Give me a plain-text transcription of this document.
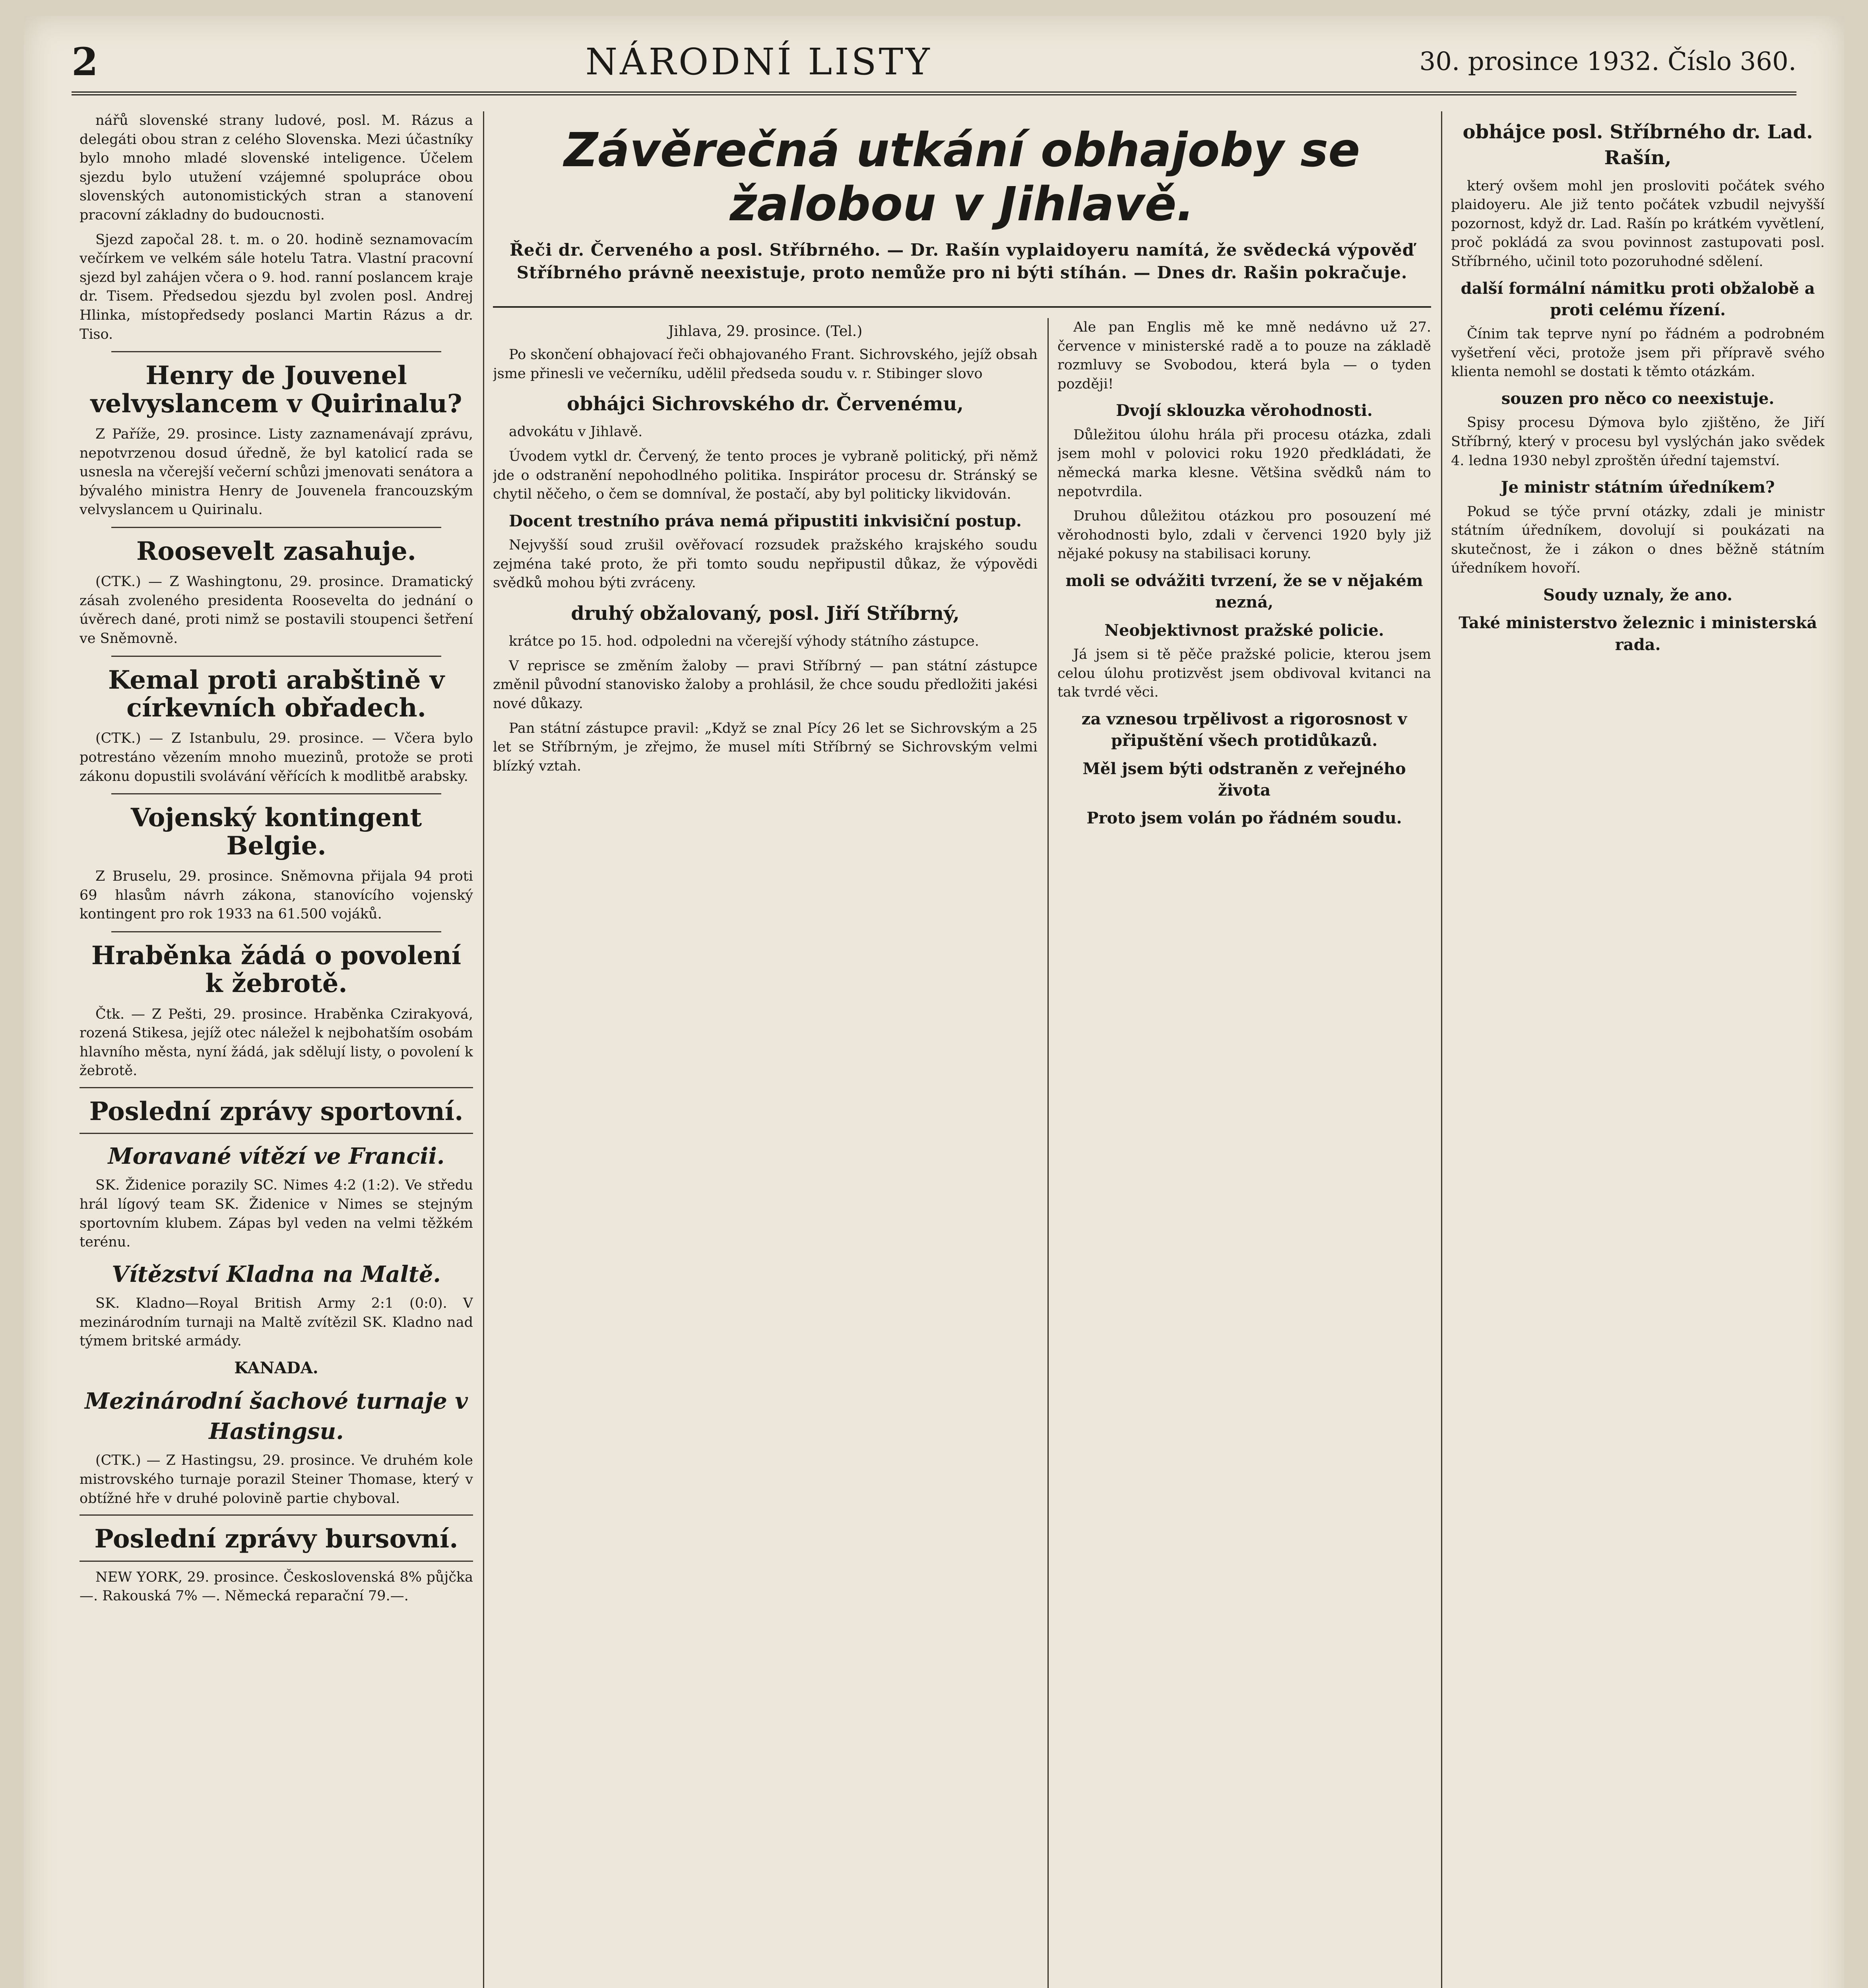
2	NÁRODNÍ LISTY	30. prosince 1932. Číslo 360.

nářů slovenské strany ludové, posl. M. Rázus a delegáti obou stran z celého Slovenska. Mezi účastníky bylo mnoho mladé slovenské inteligence. Účelem sjezdu bylo utužení vzájemné spolupráce obou slovenských autonomistických stran a stanovení pracovní základny do budoucnosti.

Sjezd započal 28. t. m. o 20. hodině seznamovacím večírkem ve velkém sále hotelu Tatra. Vlastní pracovní sjezd byl zahájen včera o 9. hod. ranní poslancem kraje dr. Tisem. Předsedou sjezdu byl zvolen posl. Andrej Hlinka, místopředsedy poslanci Martin Rázus a dr. Tiso.

Henry de Jouvenel velvyslancem v Quirinalu?

Z Paříže, 29. prosince. Listy zaznamenávají zprávu, nepotvrzenou dosud úředně, že byl katolicí rada se usnesla na včerejší večerní schůzi jmenovati senátora a bývalého ministra Henry de Jouvenela francouzským velvyslancem u Quirinalu.

Roosevelt zasahuje.

(CTK.) — Z Washingtonu, 29. prosince. Dramatický zásah zvoleného presidenta Roosevelta do jednání o úvěrech dané, proti nimž se postavili stoupenci šetření ve Sněmovně.

Kemal proti arabštině v církevních obřadech.

(CTK.) — Z Istanbulu, 29. prosince. — Včera bylo potrestáno vězením mnoho muezinů, protože se proti zákonu dopustili svolávání věřících k modlitbě arabsky.

Vojenský kontingent Belgie.

Z Bruselu, 29. prosince. Sněmovna přijala 94 proti 69 hlasům návrh zákona, stanovícího vojenský kontingent pro rok 1933 na 61.500 vojáků.

Hraběnka žádá o povolení k žebrotě.

Čtk. — Z Pešti, 29. prosince. Hraběnka Czirakyová, rozená Stikesa, jejíž otec náležel k nejbohatším osobám hlavního města, nyní žádá, jak sdělují listy, o povolení k žebrotě.

Poslední zprávy sportovní.
Moravané vítězí ve Francii.

SK. Židenice porazily SC. Nimes 4:2 (1:2). Ve středu hrál lígový team SK. Židenice v Nimes se stejným sportovním klubem. Zápas byl veden na velmi těžkém terénu.

Vítězství Kladna na Maltě.

SK. Kladno—Royal British Army 2:1 (0:0). V mezinárodním turnaji na Maltě zvítězil SK. Kladno nad týmem britské armády.

KANADA.
Mezinárodní šachové turnaje v Hastingsu.

(CTK.) — Z Hastingsu, 29. prosince. Ve druhém kole mistrovského turnaje porazil Steiner Thomase, který v obtížné hře v druhé polovině partie chyboval.

Poslední zprávy bursovní.

NEW YORK, 29. prosince. Československá 8% půjčka —. Rakouská 7% —. Německá reparační 79.—.

Závěrečná utkání obhajoby se žalobou v Jihlavě.
Řeči dr. Červeného a posl. Stříbrného. — Dr. Rašín vyplaidoyeru namítá, že svědecká výpověď Stříbrného právně neexistuje, proto nemůže pro ni býti stíhán. — Dnes dr. Rašin pokračuje.
Jihlava, 29. prosince. (Tel.)

Po skončení obhajovací řeči obhajovaného Frant. Sichrovského, jejíž obsah jsme přinesli ve večerníku, udělil předseda soudu v. r. Stibinger slovo

obhájci Sichrovského dr. Červenému,

advokátu v Jihlavě.

Úvodem vytkl dr. Červený, že tento proces je vybraně politický, při němž jde o odstranění nepohodlného politika. Inspirátor procesu dr. Stránský se chytil něčeho, o čem se domníval, že postačí, aby byl politicky likvidován.

Docent trestního práva nemá připustiti inkvisiční postup.

Nejvyšší soud zrušil ověřovací rozsudek pražského krajského soudu zejména také proto, že při tomto soudu nepřipustil důkaz, že výpovědi svědků mohou býti zvráceny.

druhý obžalovaný, posl. Jiří Stříbrný,

krátce po 15. hod. odpoledni na včerejší výhody státního zástupce.

V reprisce se změním žaloby — pravi Stříbrný — pan státní zástupce změnil původní stanovisko žaloby a prohlásil, že chce soudu předložiti jakési nové důkazy.

Pan státní zástupce pravil: „Když se znal Pícy 26 let se Sichrovským a 25 let se Stříbrným, je zřejmo, že musel míti Stříbrný se Sichrovským velmi blízký vztah.

Ale pan Englis mě ke mně nedávno už 27. července v ministerské radě a to pouze na základě rozmluvy se Svobodou, která byla — o tyden později!

Dvojí sklouzka věrohodnosti.

Důležitou úlohu hrála při procesu otázka, zdali jsem mohl v polovici roku 1920 předkládati, že německá marka klesne. Většina svědků nám to nepotvrdila.

Druhou důležitou otázkou pro posouzení mé věrohodnosti bylo, zdali v červenci 1920 byly již nějaké pokusy na stabilisaci koruny.

moli se odvážiti tvrzení, že se v nějakém nezná,
Neobjektivnost pražské policie.

Já jsem si tě pěče pražské policie, kterou jsem celou úlohu protizvěst jsem obdivoval kvitanci na tak tvrdé věci.

za vznesou trpělivost a rigorosnost v připuštění všech protidůkazů.
Měl jsem býti odstraněn z veřejného života
Proto jsem volán po řádném soudu.
obhájce posl. Stříbrného dr. Lad. Rašín,

který ovšem mohl jen prosloviti počátek svého plaidoyeru. Ale již tento počátek vzbudil nejvyšší pozornost, když dr. Lad. Rašín po krátkém vyvětlení, proč pokládá za svou povinnost zastupovati posl. Stříbrného, učinil toto pozoruhodné sdělení.

další formální námitku proti obžalobě a proti celému řízení.

Čínim tak teprve nyní po řádném a podrobném vyšetření věci, protože jsem při přípravě svého klienta nemohl se dostati k těmto otázkám.

souzen pro něco co neexistuje.

Spisy procesu Dýmova bylo zjištěno, že Jiří Stříbrný, který v procesu byl vyslýchán jako svědek 4. ledna 1930 nebyl zproštěn úřední tajemství.

Je ministr státním úředníkem?

Pokud se týče první otázky, zdali je ministr státním úředníkem, dovolují si poukázati na skutečnost, že i zákon o dnes běžně státním úředníkem hovoří.

Soudy uznaly, že ano.
Také ministerstvo železnic i ministerská rada.
